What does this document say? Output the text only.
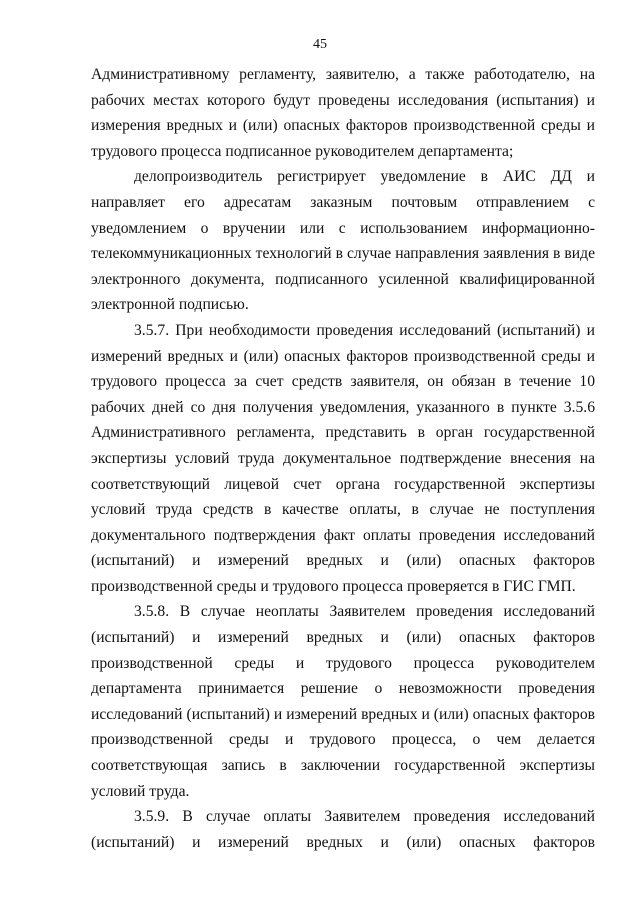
45

Административному регламенту, заявителю, а также работодателю, на рабочих местах которого будут проведены исследования (испытания) и измерения вредных и (или) опасных факторов производственной среды и трудового процесса подписанное руководителем департамента;

делопроизводитель регистрирует уведомление в АИС ДД и направляет его адресатам заказным почтовым отправлением с уведомлением о вручении или с использованием информационно-телекоммуникационных технологий в случае направления заявления в виде электронного документа, подписанного усиленной квалифицированной электронной подписью.

3.5.7. При необходимости проведения исследований (испытаний) и измерений вредных и (или) опасных факторов производственной среды и трудового процесса за счет средств заявителя, он обязан в течение 10 рабочих дней со дня получения уведомления, указанного в пункте 3.5.6 Административного регламента, представить в орган государственной экспертизы условий труда документальное подтверждение внесения на соответствующий лицевой счет органа государственной экспертизы условий труда средств в качестве оплаты, в случае не поступления документального подтверждения факт оплаты проведения исследований (испытаний) и измерений вредных и (или) опасных факторов производственной среды и трудового процесса проверяется в ГИС ГМП.

3.5.8. В случае неоплаты Заявителем проведения исследований (испытаний) и измерений вредных и (или) опасных факторов производственной среды и трудового процесса руководителем департамента принимается решение о невозможности проведения исследований (испытаний) и измерений вредных и (или) опасных факторов производственной среды и трудового процесса, о чем делается соответствующая запись в заключении государственной экспертизы условий труда.

3.5.9. В случае оплаты Заявителем проведения исследований (испытаний) и измерений вредных и (или) опасных факторов
